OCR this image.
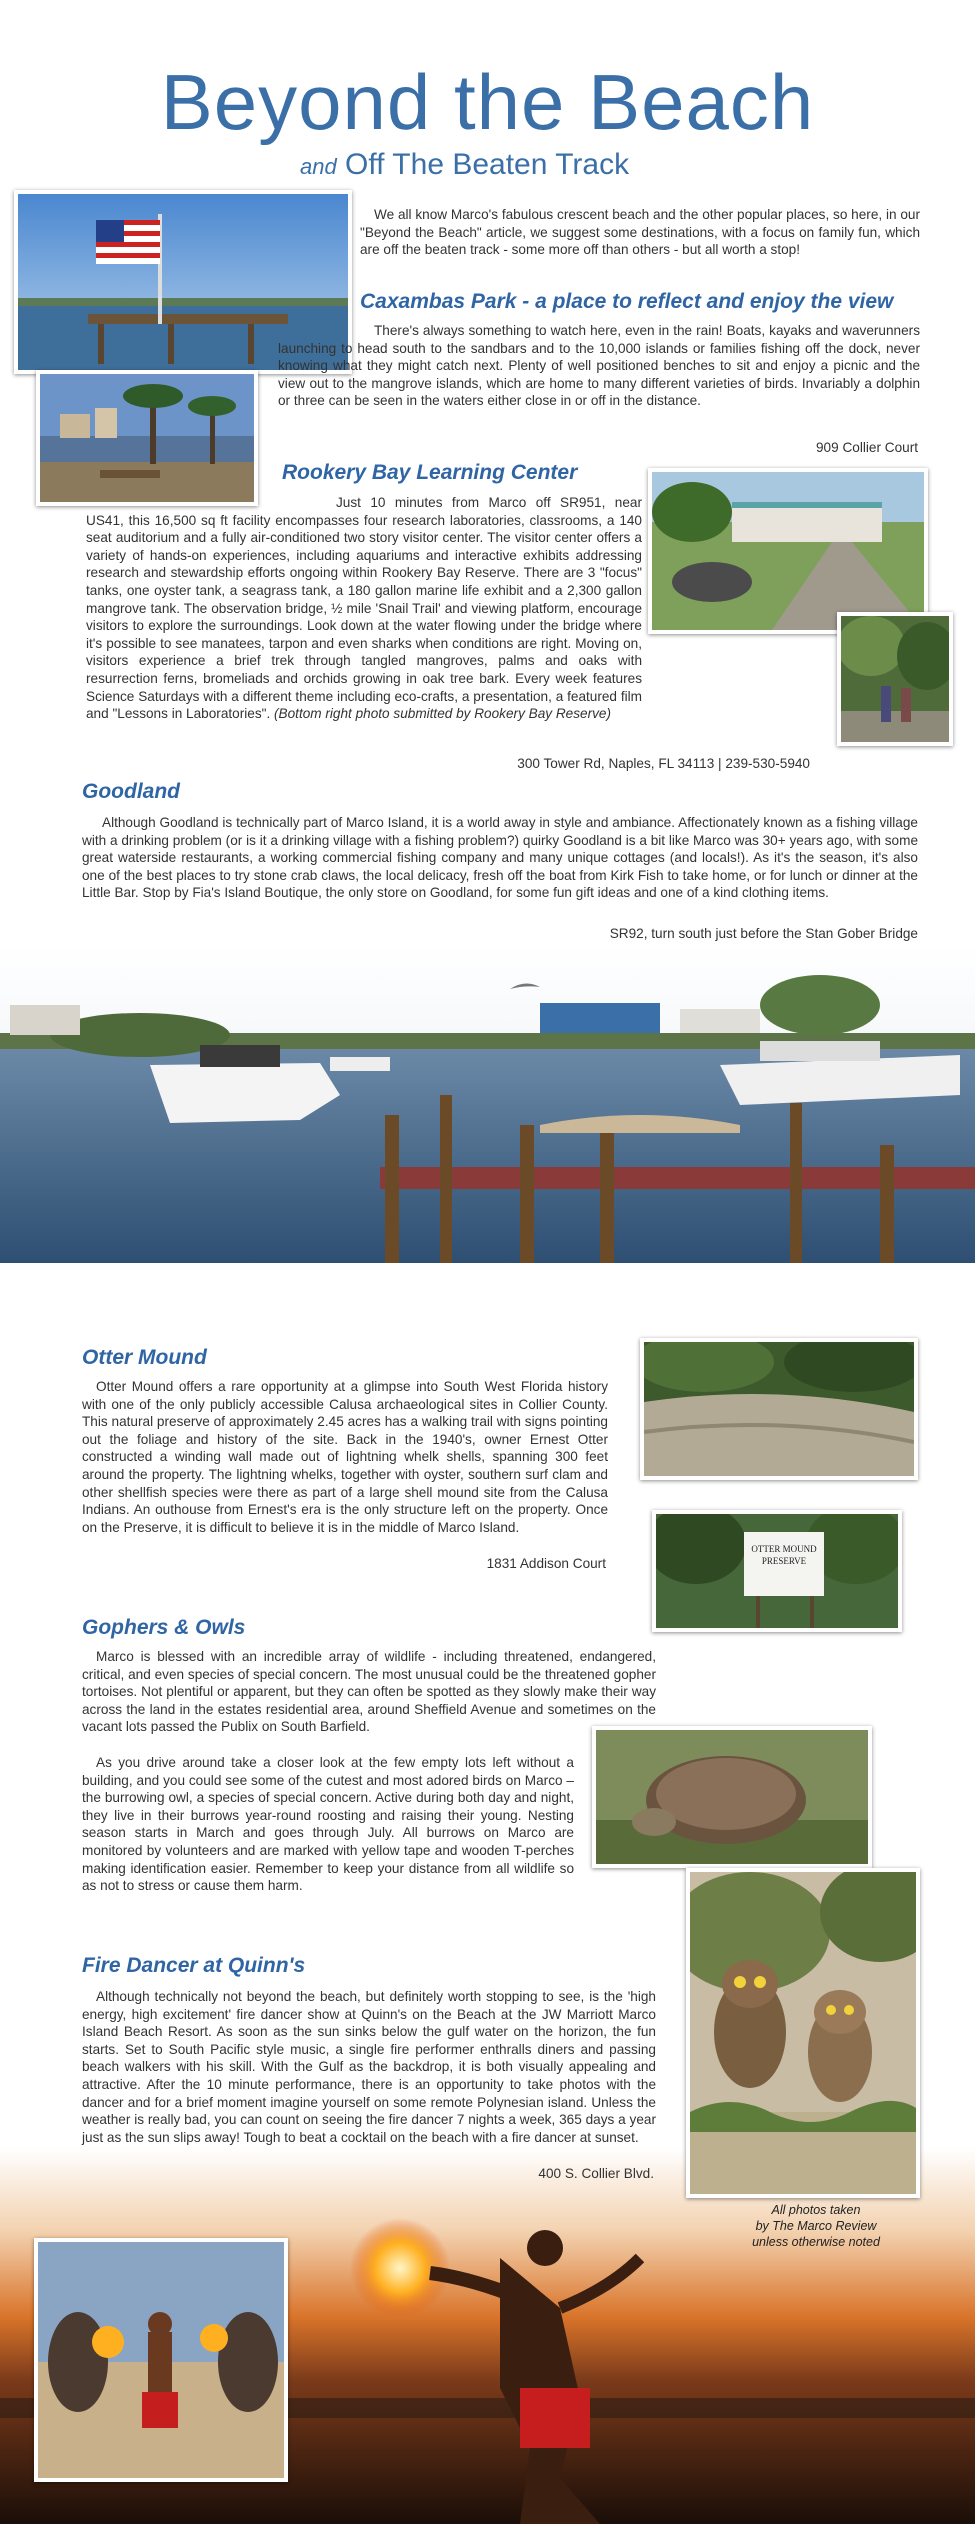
Beyond the Beach
and Off The Beaten Track

We all know Marco's fabulous crescent beach and the other popular places, so here, in our "Beyond the Beach" article, we suggest some destinations, with a focus on family fun, which are off the beaten track - some more off than others - but all worth a stop!

Caxambas Park - a place to reflect and enjoy the view

There's always something to watch here, even in the rain! Boats, kayaks and waverunners launching to head south to the sandbars and to the 10,000 islands or families fishing off the dock, never knowing what they might catch next. Plenty of well positioned benches to sit and enjoy a picnic and the view out to the mangrove islands, which are home to many different varieties of birds. Invariably a dolphin or three can be seen in the waters either close in or off in the distance.

909 Collier Court
Rookery Bay Learning Center

Just 10 minutes from Marco off SR951, near US41, this 16,500 sq ft facility encompasses four research laboratories, classrooms, a 140 seat auditorium and a fully air-conditioned two story visitor center. The visitor center offers a variety of hands-on experiences, including aquariums and interactive exhibits addressing research and stewardship efforts ongoing within Rookery Bay Reserve. There are 3 "focus" tanks, one oyster tank, a seagrass tank, a 180 gallon marine life exhibit and a 2,300 gallon mangrove tank. The observation bridge, ½ mile 'Snail Trail' and viewing platform, encourage visitors to explore the surroundings. Look down at the water flowing under the bridge where it's possible to see manatees, tarpon and even sharks when conditions are right. Moving on, visitors experience a brief trek through tangled mangroves, palms and oaks with resurrection ferns, bromeliads and orchids growing in oak tree bark. Every week features Science Saturdays with a different theme including eco-crafts, a presentation, a featured film and "Lessons in Laboratories". (Bottom right photo submitted by Rookery Bay Reserve)

300 Tower Rd, Naples, FL 34113 | 239-530-5940
Goodland

Although Goodland is technically part of Marco Island, it is a world away in style and ambiance. Affectionately known as a fishing village with a drinking problem (or is it a drinking village with a fishing problem?) quirky Goodland is a bit like Marco was 30+ years ago, with some great waterside restaurants, a working commercial fishing company and many unique cottages (and locals!). As it's the season, it's also one of the best places to try stone crab claws, the local delicacy, fresh off the boat from Kirk Fish to take home, or for lunch or dinner at the Little Bar. Stop by Fia's Island Boutique, the only store on Goodland, for some fun gift ideas and one of a kind clothing items.

SR92, turn south just before the Stan Gober Bridge
Otter Mound

Otter Mound offers a rare opportunity at a glimpse into South West Florida history with one of the only publicly accessible Calusa archaeological sites in Collier County. This natural preserve of approximately 2.45 acres has a walking trail with signs pointing out the foliage and history of the site. Back in the 1940's, owner Ernest Otter constructed a winding wall made out of lightning whelk shells, spanning 300 feet around the property. The lightning whelks, together with oyster, southern surf clam and other shellfish species were there as part of a large shell mound site from the Calusa Indians. An outhouse from Ernest's era is the only structure left on the property. Once on the Preserve, it is difficult to believe it is in the middle of Marco Island.

1831 Addison Court
OTTER MOUND
PRESERVE
Gophers & Owls

Marco is blessed with an incredible array of wildlife - including threatened, endangered, critical, and even species of special concern. The most unusual could be the threatened gopher tortoises. Not plentiful or apparent, but they can often be spotted as they slowly make their way across the land in the estates residential area, around Sheffield Avenue and sometimes on the vacant lots passed the Publix on South Barfield.

As you drive around take a closer look at the few empty lots left without a building, and you could see some of the cutest and most adored birds on Marco – the burrowing owl, a species of special concern. Active during both day and night, they live in their burrows year-round roosting and raising their young. Nesting season starts in March and goes through July. All burrows on Marco are monitored by volunteers and are marked with yellow tape and wooden T-perches making identification easier. Remember to keep your distance from all wildlife so as not to stress or cause them harm.

Fire Dancer at Quinn's

Although technically not beyond the beach, but definitely worth stopping to see, is the 'high energy, high excitement' fire dancer show at Quinn's on the Beach at the JW Marriott Marco Island Beach Resort. As soon as the sun sinks below the gulf water on the horizon, the fun starts. Set to South Pacific style music, a single fire performer enthralls diners and passing beach walkers with his skill. With the Gulf as the backdrop, it is both visually appealing and attractive. After the 10 minute performance, there is an opportunity to take photos with the dancer and for a brief moment imagine yourself on some remote Polynesian island. Unless the weather is really bad, you can count on seeing the fire dancer 7 nights a week, 365 days a year just as the sun slips away! Tough to beat a cocktail on the beach with a fire dancer at sunset.

400 S. Collier Blvd.
All photos taken
by The Marco Review
unless otherwise noted
